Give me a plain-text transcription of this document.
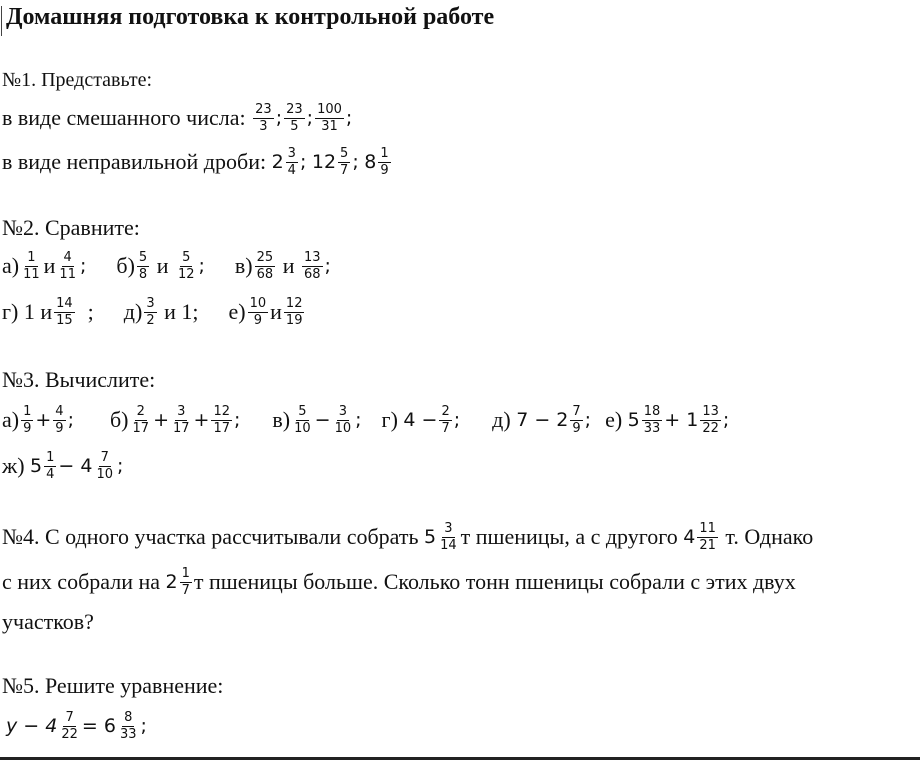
Домашняя подготовка к контрольной работе
№1. Представьте:
в виде смешанного числа:
$\frac{23}{3}$ ; $\frac{23}{5}$ ; $\frac{100}{31}$ ;
в виде неправильной дроби:
$2 \frac{3}{4}$ ;
$12 \frac{5}{7}$ ;
$8 \frac{1}{9}$
№2. Сравните:
$а) \frac{1}{11}$ и $\frac{4}{11}$ ; $б) \frac{5}{8}$
и
$\frac{5}{12}$ ; $в) \frac{25}{68}$
и
$\frac{13}{68}$ ;
г) 1 и $\frac{14}{15}$
; $д) \frac{3}{2}$
и 1; $е) \frac{10}{9}$ и $\frac{12}{19}$
№3. Вычислите:
$а) \frac{1}{9} + \frac{4}{9}$ ; $б) \frac{2}{17} + \frac{3}{17} + \frac{12}{17}$ ; $в) \frac{5}{10} - \frac{3}{10}$ ; г)
$4 - \frac{2}{7}$ ; д)
$7 - 2 \frac{7}{9}$ ; е)
$5 \frac{18}{33} + 1 \frac{13}{22}$ ;
ж)
$5 \frac{1}{4} - 4 \frac{7}{10}$ ;
№4. С одного участка рассчитывали собрать
$5 \frac{3}{14}$ т пшеницы, а с другого
$4 \frac{11}{21}$
т. Однако
с них собрали на
$2 \frac{1}{7}$ т пшеницы больше. Сколько тонн пшеницы собрали с этих двух
участков?
№5. Решите уравнение:
$y - 4 \frac{7}{22} = 6 \frac{8}{33}$ ;
